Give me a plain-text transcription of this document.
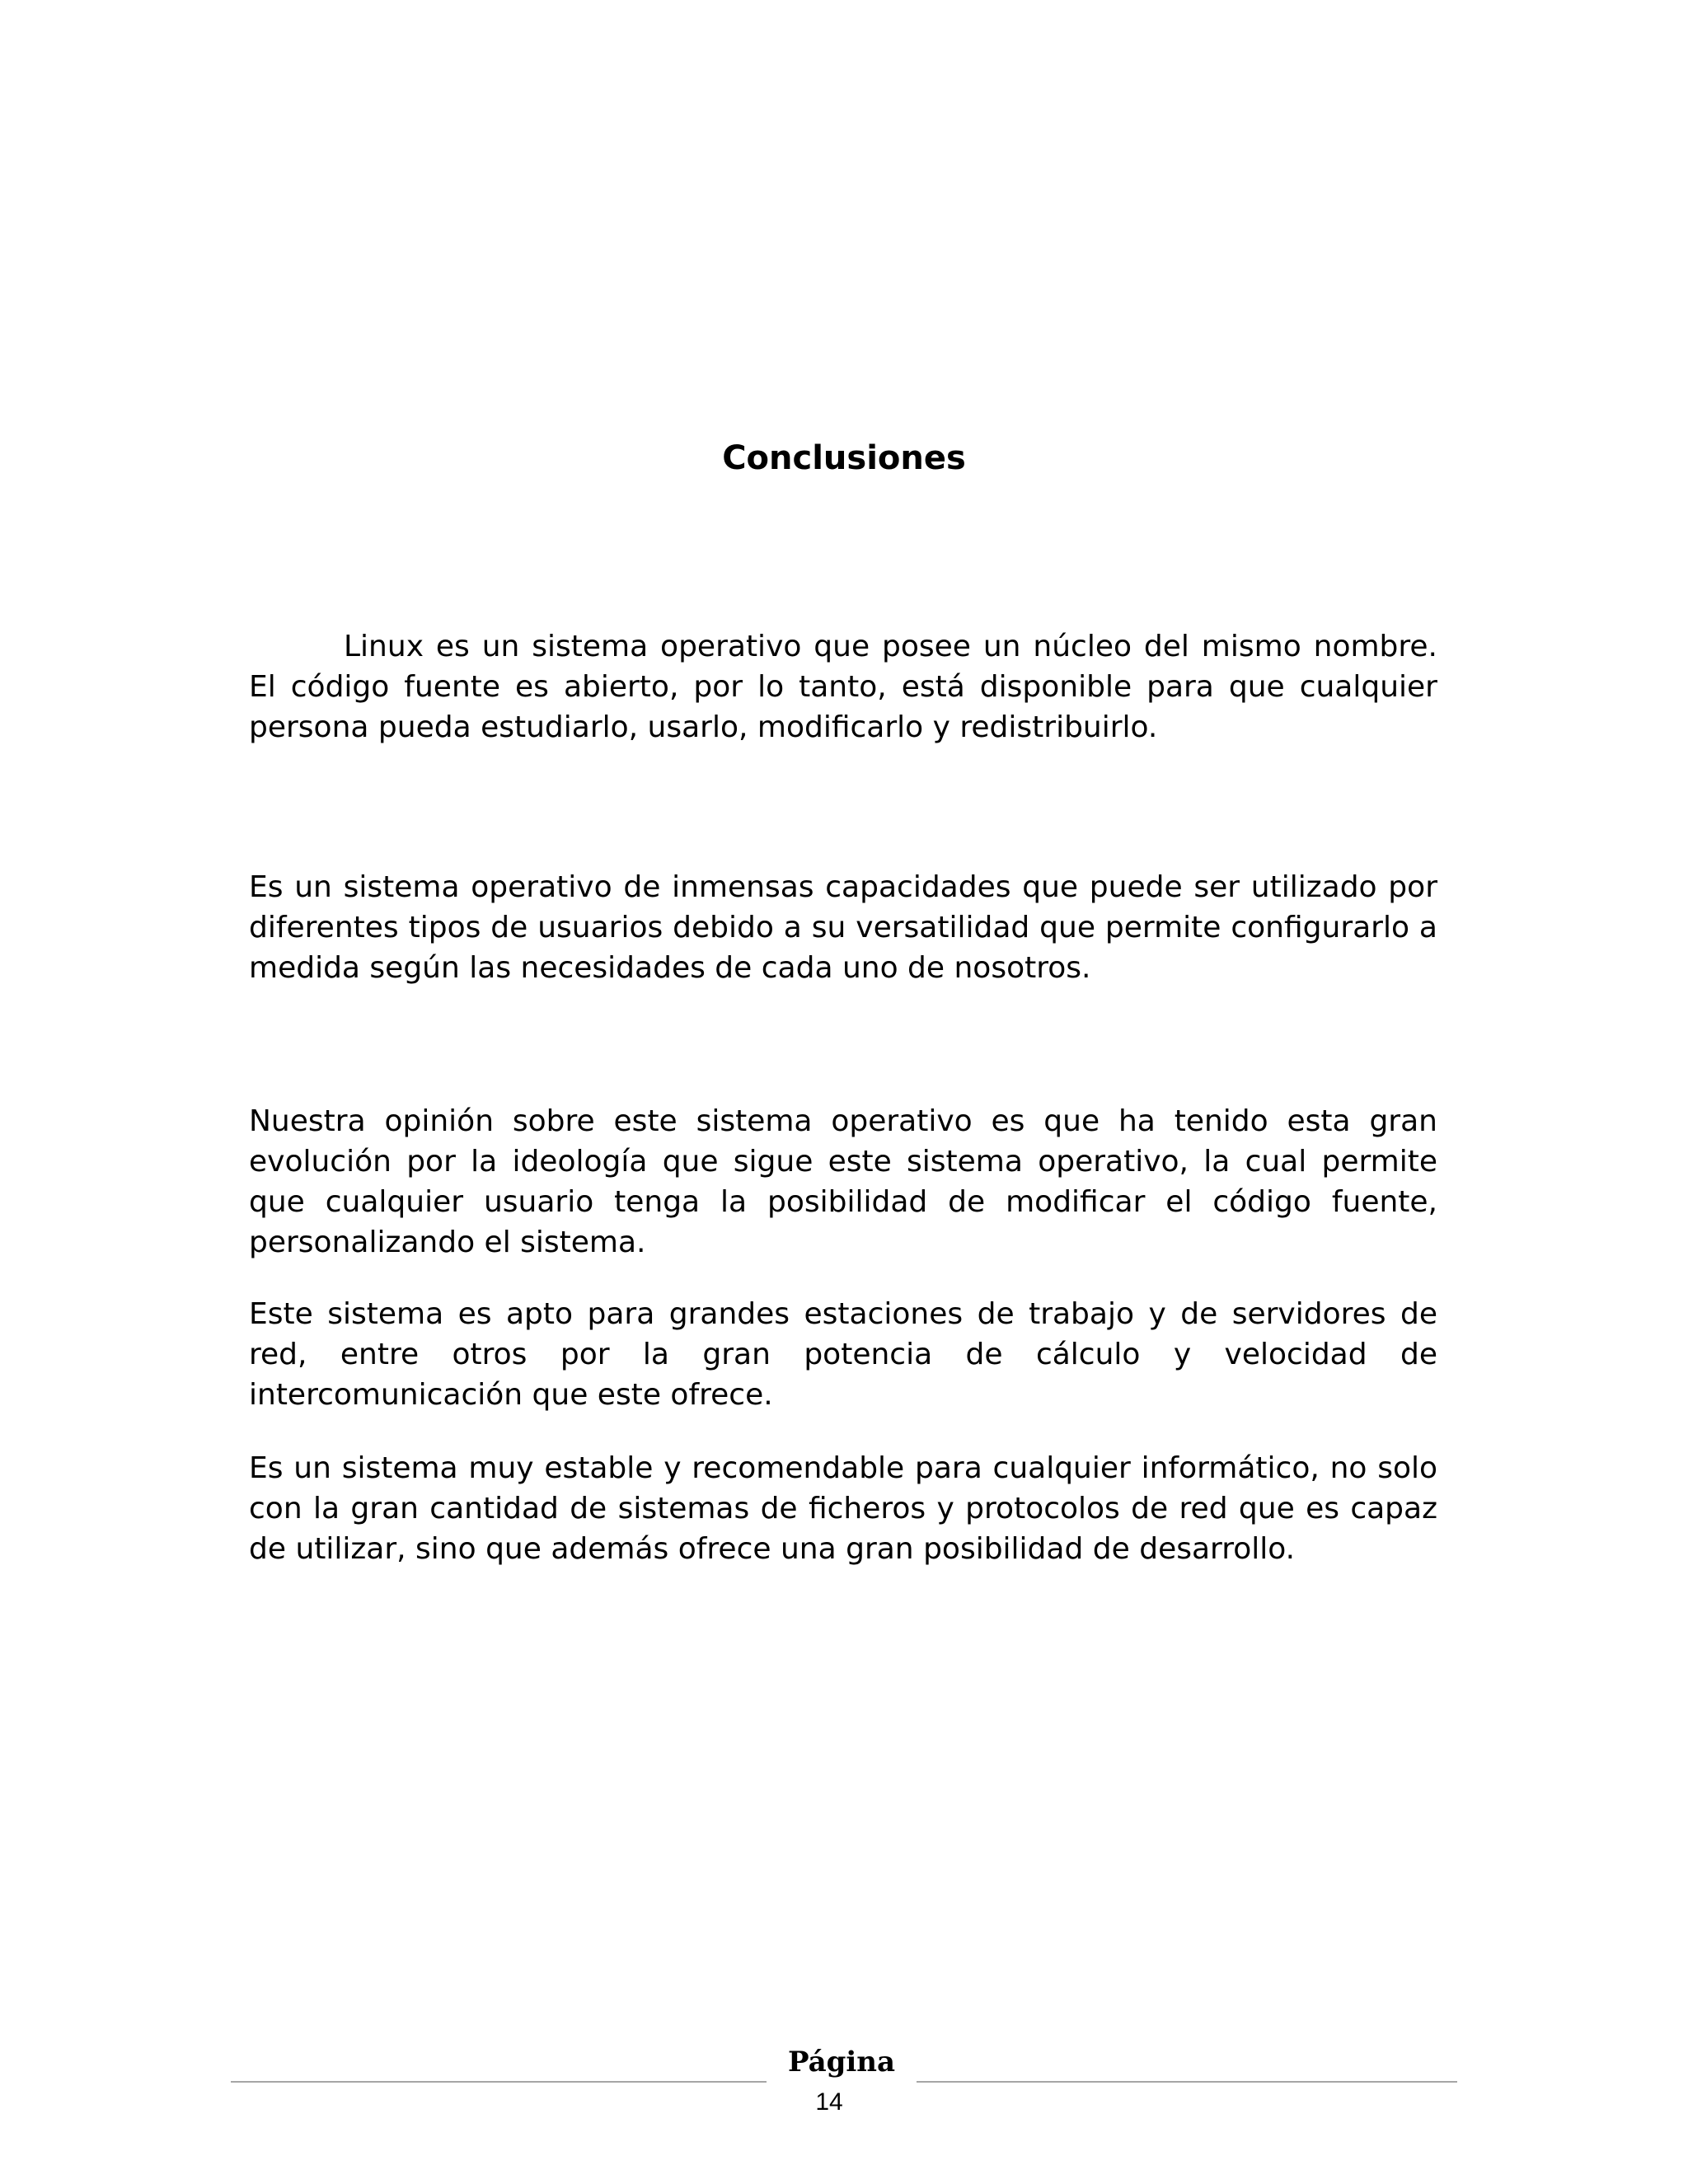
Conclusiones

Linux es un sistema operativo que posee un núcleo del mismo nombre. El código fuente es abierto, por lo tanto, está disponible para que cualquier persona pueda estudiarlo, usarlo, modificarlo y redistribuirlo.

Es un sistema operativo de inmensas capacidades que puede ser utilizado por diferentes tipos de usuarios debido a su versatilidad que permite configurarlo a medida según las necesidades de cada uno de nosotros.

Nuestra opinión sobre este sistema operativo es que ha tenido esta gran evolución por la ideología que sigue este sistema operativo, la cual permite que cualquier usuario tenga la posibilidad de modificar el código fuente, personalizando el sistema.

Este sistema es apto para grandes estaciones de trabajo y de servidores de red, entre otros por la gran potencia de cálculo y velocidad de intercomunicación que este ofrece.

Es un sistema muy estable y recomendable para cualquier informático, no solo con la gran cantidad de sistemas de ficheros y protocolos de red que es capaz de utilizar, sino que además ofrece una gran posibilidad de desarrollo.

Página
14
